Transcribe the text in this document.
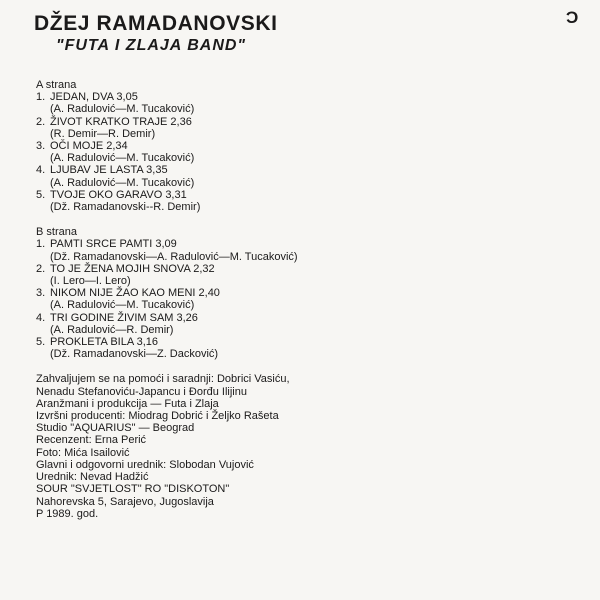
DŽEJ RAMADANOVSKI
"FUTA I ZLAJA BAND"
Ͻ

A strana

1. JEDAN, DVA 3,05
(A. Radulović—M. Tucaković)
2. ŽIVOT KRATKO TRAJE 2,36
(R. Demir—R. Demir)
3. OČI MOJE 2,34
(A. Radulović—M. Tucaković)
4. LJUBAV JE LASTA 3,35
(A. Radulović—M. Tucaković)
5. TVOJE OKO GARAVO 3,31
(Dž. Ramadanovski--R. Demir)

B strana

1. PAMTI SRCE PAMTI 3,09
(Dž. Ramadanovski—A. Radulović—M. Tucaković)
2. TO JE ŽENA MOJIH SNOVA 2,32
(I. Lero—I. Lero)
3. NIKOM NIJE ŽAO KAO MENI 2,40
(A. Radulović—M. Tucaković)
4. TRI GODINE ŽIVIM SAM 3,26
(A. Radulović—R. Demir)
5. PROKLETA BILA 3,16
(Dž. Ramadanovski—Z. Dacković)

Zahvaljujem se na pomoći i saradnji: Dobrici Vasiću,

Nenadu Stefanoviću-Japancu i Đorđu Ilijinu

Aranžmani i produkcija — Futa i Zlaja

Izvršni producenti: Miodrag Dobrić i Željko Rašeta

Studio "AQUARIUS" — Beograd

Recenzent: Erna Perić

Foto: Mića Isailović

Glavni i odgovorni urednik: Slobodan Vujović

Urednik: Nevad Hadžić

SOUR "SVJETLOST" RO "DISKOTON"

Nahorevska 5, Sarajevo, Jugoslavija

P 1989. god.
